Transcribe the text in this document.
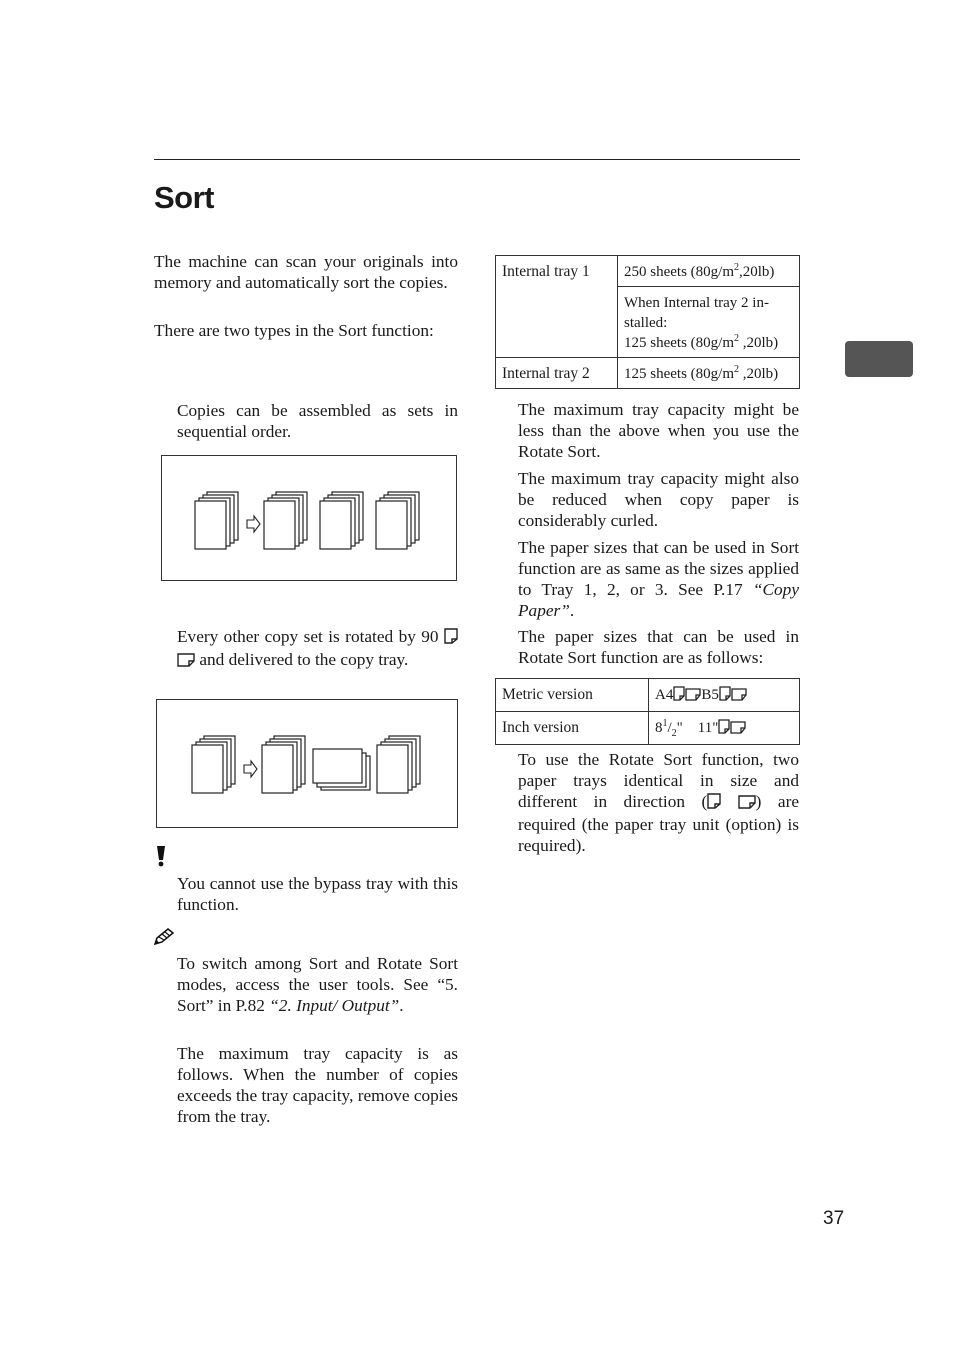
Sort

The machine can scan your originals into memory and automatically sort the copies.

There are two types in the Sort function:

Copies can be assembled as sets in sequential order.

Every other copy set is rotated by 90  and delivered to the copy tray.

You cannot use the bypass tray with this function.

To switch among Sort and Rotate Sort modes, access the user tools. See “5. Sort” in P.82 “2. Input/ Output”.

The maximum tray capacity is as follows. When the number of copies exceeds the tray capacity, remove copies from the tray.

Internal tray 1	250 sheets $(80g/m^2,20lb)$
	When Internal tray 2 in-
stalled:
125 sheets ($80g/m^2$ ,20lb)
Internal tray 2	125 sheets ($80g/m^2$ ,20lb)

The maximum tray capacity might be less than the above when you use the Rotate Sort.

The maximum tray capacity might also be reduced when copy paper is considerably curled.

The paper sizes that can be used in Sort function are as same as the sizes applied to Tray 1, 2, or 3. See P.17 “Copy Paper”.

The paper sizes that can be used in Rotate Sort function are as follows:

Metric version	A4 B5
Inch version	$8^1/_2$"    11"

To use the Rotate Sort function, two paper trays identical in size and different in direction (	) are required (the paper tray unit (option) is required).

37
